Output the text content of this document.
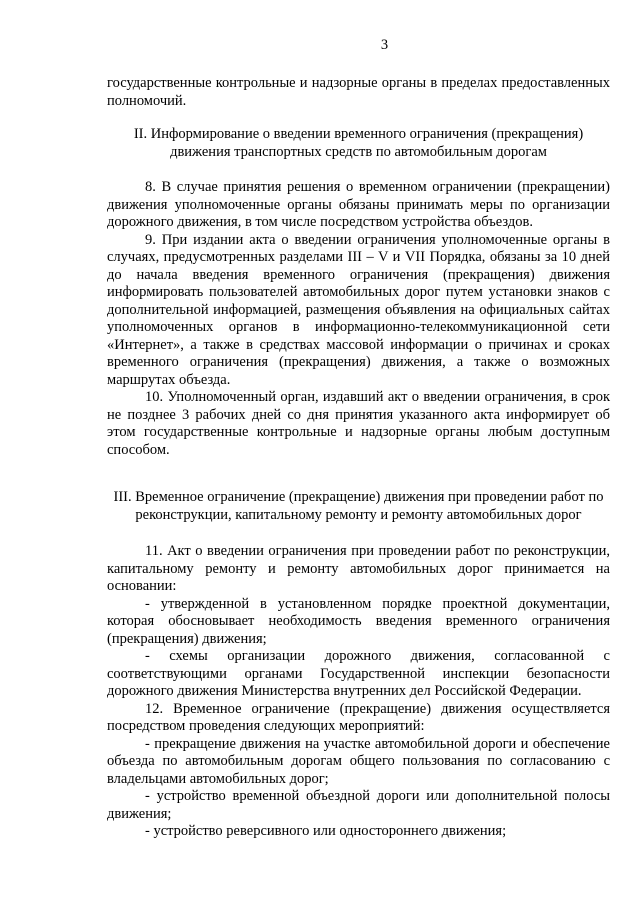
3

государственные контрольные и надзорные органы в пределах предоставленных полномочий.

II. Информирование о введении временного ограничения (прекращения) движения транспортных средств по автомобильным дорогам

8. В случае принятия решения о временном ограничении (прекращении) движения уполномоченные органы обязаны принимать меры по организации дорожного движения, в том числе посредством устройства объездов.

9. При издании акта о введении ограничения уполномоченные органы в случаях, предусмотренных разделами III – V и VII Порядка, обязаны за 10 дней до начала введения временного ограничения (прекращения) движения информировать пользователей автомобильных дорог путем установки знаков с дополнительной информацией, размещения объявления на официальных сайтах уполномоченных органов в информационно-телекоммуникационной сети «Интернет», а также в средствах массовой информации о причинах и сроках временного ограничения (прекращения) движения, а также о возможных маршрутах объезда.

10. Уполномоченный орган, издавший акт о введении ограничения, в срок не позднее 3 рабочих дней со дня принятия указанного акта информирует об этом государственные контрольные и надзорные органы любым доступным способом.

III. Временное ограничение (прекращение) движения при проведении работ по реконструкции, капитальному ремонту и ремонту автомобильных дорог

11. Акт о введении ограничения при проведении работ по реконструкции, капитальному ремонту и ремонту автомобильных дорог принимается на основании:

- утвержденной в установленном порядке проектной документации, которая обосновывает необходимость введения временного ограничения (прекращения) движения;

- схемы организации дорожного движения, согласованной с соответствующими органами Государственной инспекции безопасности дорожного движения Министерства внутренних дел Российской Федерации.

12. Временное ограничение (прекращение) движения осуществляется посредством проведения следующих мероприятий:

- прекращение движения на участке автомобильной дороги и обеспечение объезда по автомобильным дорогам общего пользования по согласованию с владельцами автомобильных дорог;

- устройство временной объездной дороги или дополнительной полосы движения;

- устройство реверсивного или одностороннего движения;
